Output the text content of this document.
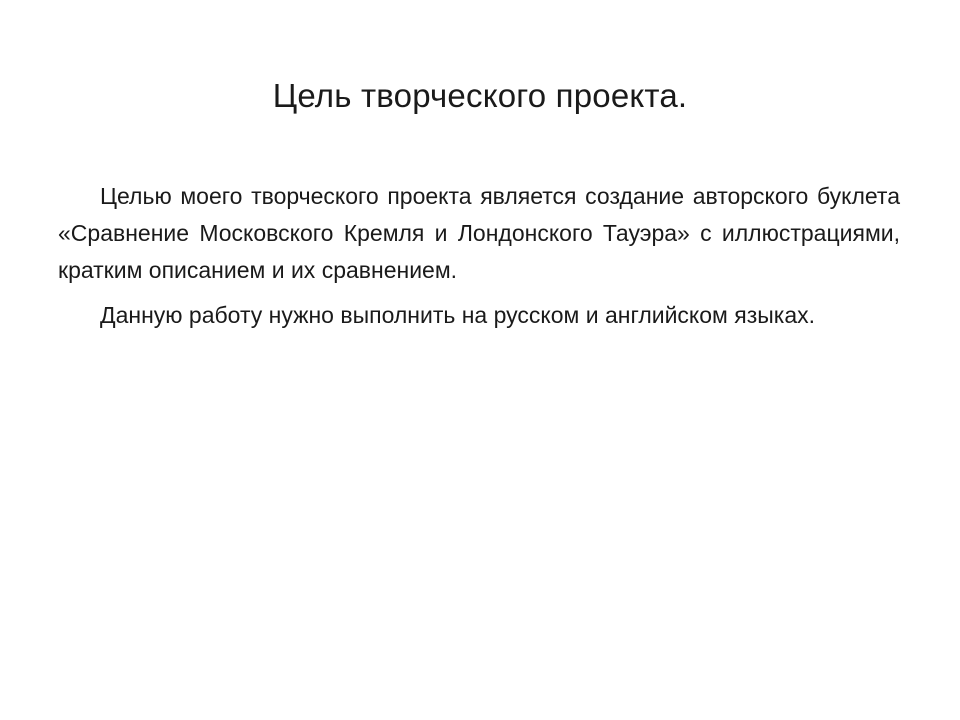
Цель творческого проекта.

Целью моего творческого проекта является создание авторского буклета «Сравнение Московского Кремля и Лондонского Тауэра» с иллюстрациями, кратким описанием и их сравнением.

Данную работу нужно выполнить на русском и английском языках.
